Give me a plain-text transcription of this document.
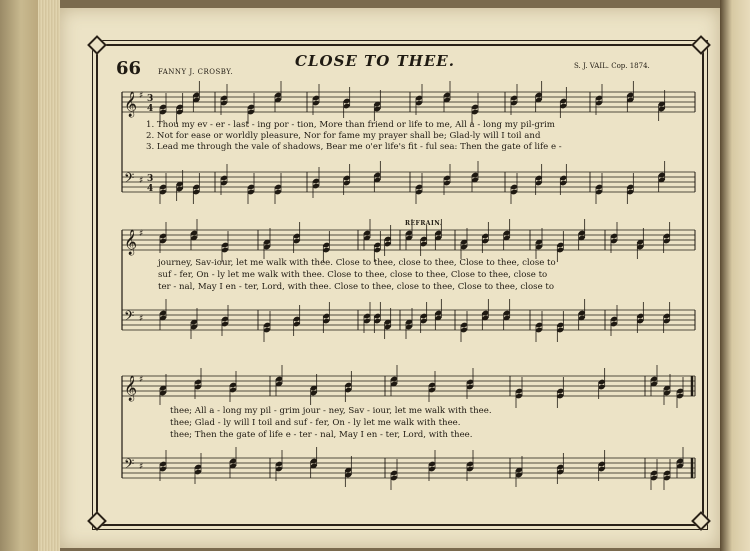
66	CLOSE TO THEE.
FANNY J. CROSBY.
S. J. VAIL. Cop. 1874.
REFRAIN.
𝄞 ♯
𝄢 ♯
3
4
3
4
𝄞 ♯
𝄢 ♯
𝄞 ♯
𝄢 ♯
1. Thou my ev - er - last - ing por - tion, More than friend or life to me, All a - long my pil-grim
2. Not for ease or worldly pleasure, Nor for fame my prayer shall be; Glad-ly will I toil and
3. Lead me through the vale of shadows, Bear me o'er life's fit - ful sea: Then the gate of life e -
journey, Sav-iour, let me walk with thee. Close to thee, close to thee, Close to thee, close to
suf - fer, On - ly let me walk with thee. Close to thee, close to thee, Close to thee, close to
ter - nal, May I en - ter, Lord, with thee. Close to thee, close to thee, Close to thee, close to
thee; All a - long my pil - grim jour - ney, Sav - iour, let me walk with thee.
thee; Glad - ly will I toil and suf - fer, On - ly let me walk with thee.
thee; Then the gate of life e - ter - nal, May I en - ter, Lord, with thee.
